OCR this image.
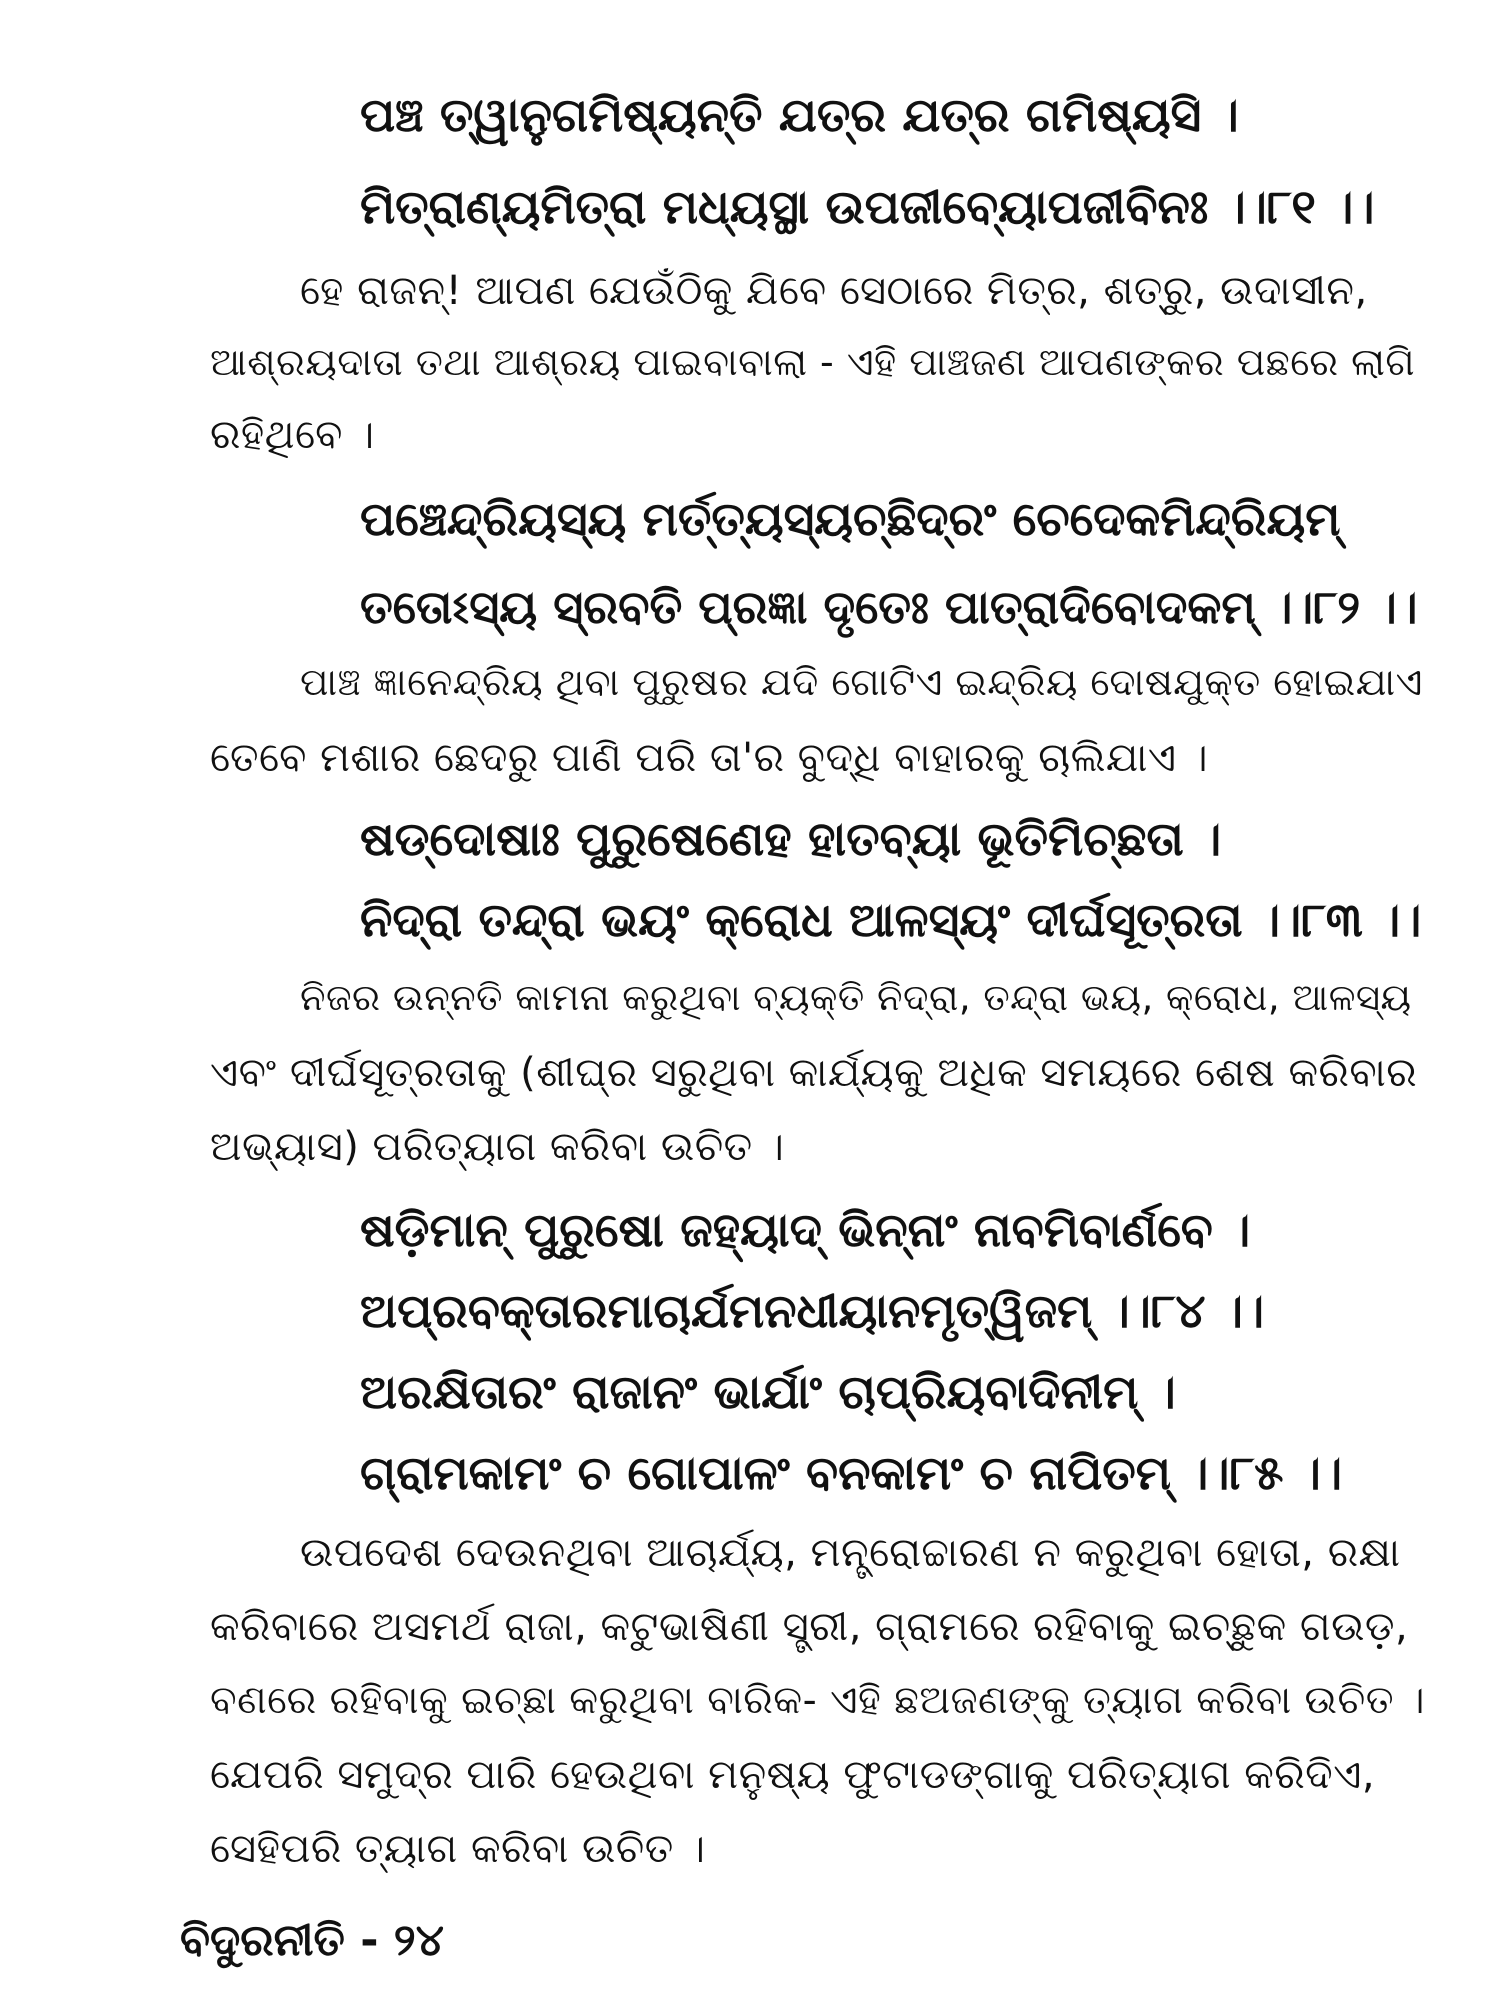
ପଞ୍ଚ ତ୍ୱାନୁଗମିଷ୍ୟନ୍ତି ଯତ୍ର ଯତ୍ର ଗମିଷ୍ୟସି ।
ମିତ୍ରାଣ୍ୟମିତ୍ରା ମଧ୍ୟସ୍ଥା ଉପଜୀବ୍ୟୋପଜୀବିନଃ ।।୮୧ ।।
ହେ ରାଜନ୍! ଆପଣ ଯେଉଁଠିକୁ ଯିବେ ସେଠାରେ ମିତ୍ର, ଶତ୍ରୁ, ଉଦାସୀନ,
ଆଶ୍ରୟଦାତା ତଥା ଆଶ୍ରୟ ପାଇବାବାଲା - ଏହି ପାଞ୍ଚଜଣ ଆପଣଙ୍କର ପଛରେ ଲାଗି
ରହିଥିବେ ।
ପଞ୍ଚେନ୍ଦ୍ରିୟସ୍ୟ ମର୍ତ୍ତ୍ୟସ୍ୟଚ୍ଛିଦ୍ରଂ ଚେଦେକମିନ୍ଦ୍ରିୟମ୍
ତତୋଽସ୍ୟ ସ୍ରବତି ପ୍ରଜ୍ଞା ଦୃତେଃ ପାତ୍ରାଦିବୋଦକମ୍ ।।୮୨ ।।
ପାଞ୍ଚ ଜ୍ଞାନେନ୍ଦ୍ରିୟ ଥିବା ପୁରୁଷର ଯଦି ଗୋଟିଏ ଇନ୍ଦ୍ରିୟ ଦୋଷଯୁକ୍ତ ହୋଇଯାଏ
ତେବେ ମଶାର ଛେଦରୁ ପାଣି ପରି ତା'ର ବୁଦ୍ଧି ବାହାରକୁ ଚାଲିଯାଏ ।
ଷଡ୍‌ଦୋଷାଃ ପୁରୁଷେଣେହ ହାତବ୍ୟା ଭୂତିମିଚ୍ଛତା ।
ନିଦ୍ରା ତନ୍ଦ୍ରା ଭୟଂ କ୍ରୋଧ ଆଳସ୍ୟଂ ଦୀର୍ଘସୂତ୍ରତା ।।୮୩ ।।
ନିଜର ଉନ୍ନତି କାମନା କରୁଥିବା ବ୍ୟକ୍ତି ନିଦ୍ରା, ତନ୍ଦ୍ରା ଭୟ, କ୍ରୋଧ, ଆଳସ୍ୟ
ଏବଂ ଦୀର୍ଘସୂତ୍ରତାକୁ (ଶୀଘ୍ର ସରୁଥିବା କାର୍ଯ୍ୟକୁ ଅଧିକ ସମୟରେ ଶେଷ କରିବାର
ଅଭ୍ୟାସ) ପରିତ୍ୟାଗ କରିବା ଉଚିତ ।
ଷଡ଼ିମାନ୍ ପୁରୁଷୋ ଜହ୍ୟାଦ୍ ଭିନ୍ନାଂ ନାବମିବାର୍ଣବେ ।
ଅପ୍ରବକ୍ତାରମାଚାର୍ଯମନଧୀୟାନମୃତ୍ୱିଜମ୍ ।।୮୪ ।।
ଅରକ୍ଷିତାରଂ ରାଜାନଂ ଭାର୍ଯାଂ ଚାପ୍ରିୟବାଦିନୀମ୍ ।
ଗ୍ରାମକାମଂ ଚ ଗୋପାଳଂ ବନକାମଂ ଚ ନାପିତମ୍ ।।୮୫ ।।
ଉପଦେଶ ଦେଉନଥିବା ଆଚାର୍ଯ୍ୟ, ମନ୍ତ୍ରୋଚ୍ଚାରଣ ନ କରୁଥିବା ହୋତା, ରକ୍ଷା
କରିବାରେ ଅସମର୍ଥ ରାଜା, କଟୁଭାଷିଣୀ ସ୍ତ୍ରୀ, ଗ୍ରାମରେ ରହିବାକୁ ଇଚ୍ଛୁକ ଗଉଡ଼,
ବଣରେ ରହିବାକୁ ଇଚ୍ଛା କରୁଥିବା ବାରିକ- ଏହି ଛଅଜଣଙ୍କୁ ତ୍ୟାଗ କରିବା ଉଚିତ ।
ଯେପରି ସମୁଦ୍ର ପାରି ହେଉଥିବା ମନୁଷ୍ୟ ଫୁଟାଡଙ୍ଗାକୁ ପରିତ୍ୟାଗ କରିଦିଏ,
ସେହିପରି ତ୍ୟାଗ କରିବା ଉଚିତ ।
ବିଦୁରନୀତି - ୨୪
